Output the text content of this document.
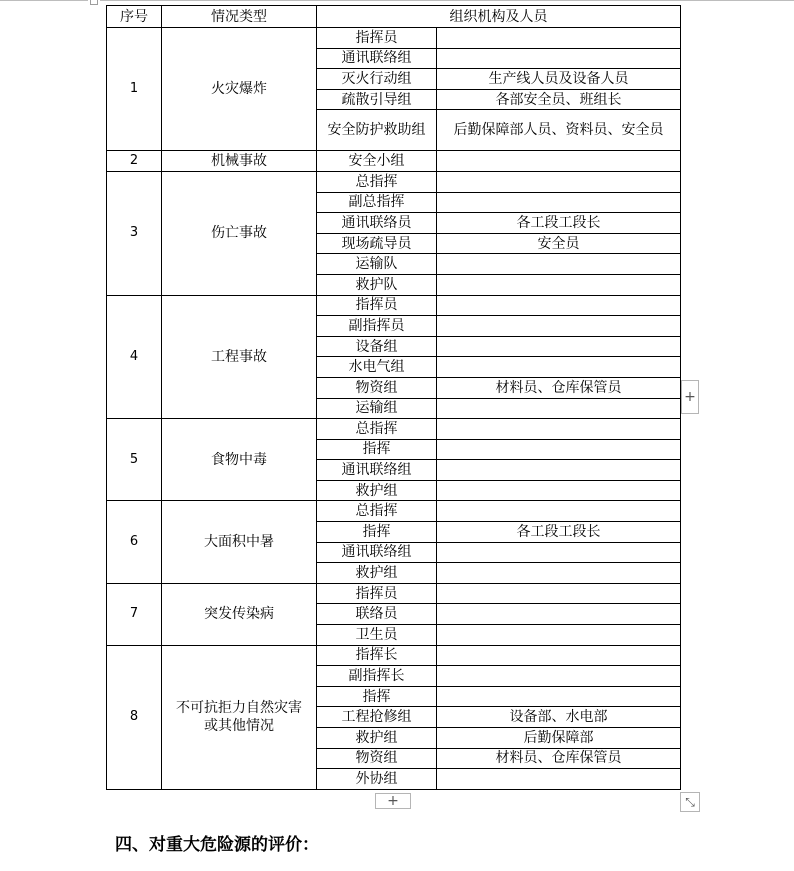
序号	情况类型	组织机构及人员	
1	火灾爆炸	指挥员	
		通讯联络组	
		灭火行动组	生产线人员及设备人员
		疏散引导组	各部安全员、班组长
		安全防护救助组	后勤保障部人员、资料员、安全员
2	机械事故	安全小组	
3	伤亡事故	总指挥	
		副总指挥	
		通讯联络员	各工段工段长
		现场疏导员	安全员
		运输队	
		救护队	
4	工程事故	指挥员	
		副指挥员	
		设备组	
		水电气组	
		物资组	材料员、仓库保管员
		运输组	
5	食物中毒	总指挥	
		指挥	
		通讯联络组	
		救护组	
6	大面积中暑	总指挥	
		指挥	各工段工段长
		通讯联络组	
		救护组	
7	突发传染病	指挥员	
		联络员	
		卫生员	
8	不可抗拒力自然灾害或其他情况	指挥长	
		副指挥长	
		指挥	
		工程抢修组	设备部、水电部
		救护组	后勤保障部
		物资组	材料员、仓库保管员
		外协组	
+
+
⤡
四、对重大危险源的评价：
